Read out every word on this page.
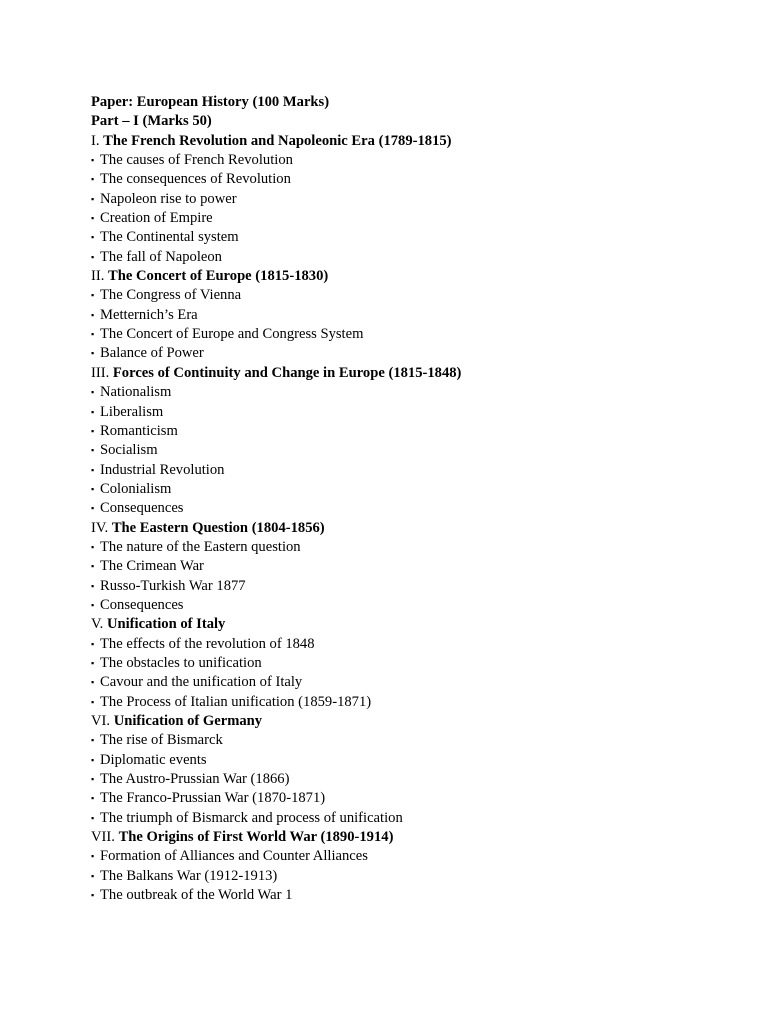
Paper: European History (100 Marks)
Part – I (Marks 50)
I. The French Revolution and Napoleonic Era (1789-1815)
▪ The causes of French Revolution
▪ The consequences of Revolution
▪ Napoleon rise to power
▪ Creation of Empire
▪ The Continental system
▪ The fall of Napoleon
II. The Concert of Europe (1815-1830)
▪ The Congress of Vienna
▪ Metternich’s Era
▪ The Concert of Europe and Congress System
▪ Balance of Power
III. Forces of Continuity and Change in Europe (1815-1848)
▪ Nationalism
▪ Liberalism
▪ Romanticism
▪ Socialism
▪ Industrial Revolution
▪ Colonialism
▪ Consequences
IV. The Eastern Question (1804-1856)
▪ The nature of the Eastern question
▪ The Crimean War
▪ Russo-Turkish War 1877
▪ Consequences
V. Unification of Italy
▪ The effects of the revolution of 1848
▪ The obstacles to unification
▪ Cavour and the unification of Italy
▪ The Process of Italian unification (1859-1871)
VI. Unification of Germany
▪ The rise of Bismarck
▪ Diplomatic events
▪ The Austro-Prussian War (1866)
▪ The Franco-Prussian War (1870-1871)
▪ The triumph of Bismarck and process of unification
VII. The Origins of First World War (1890-1914)
▪ Formation of Alliances and Counter Alliances
▪ The Balkans War (1912-1913)
▪ The outbreak of the World War 1
